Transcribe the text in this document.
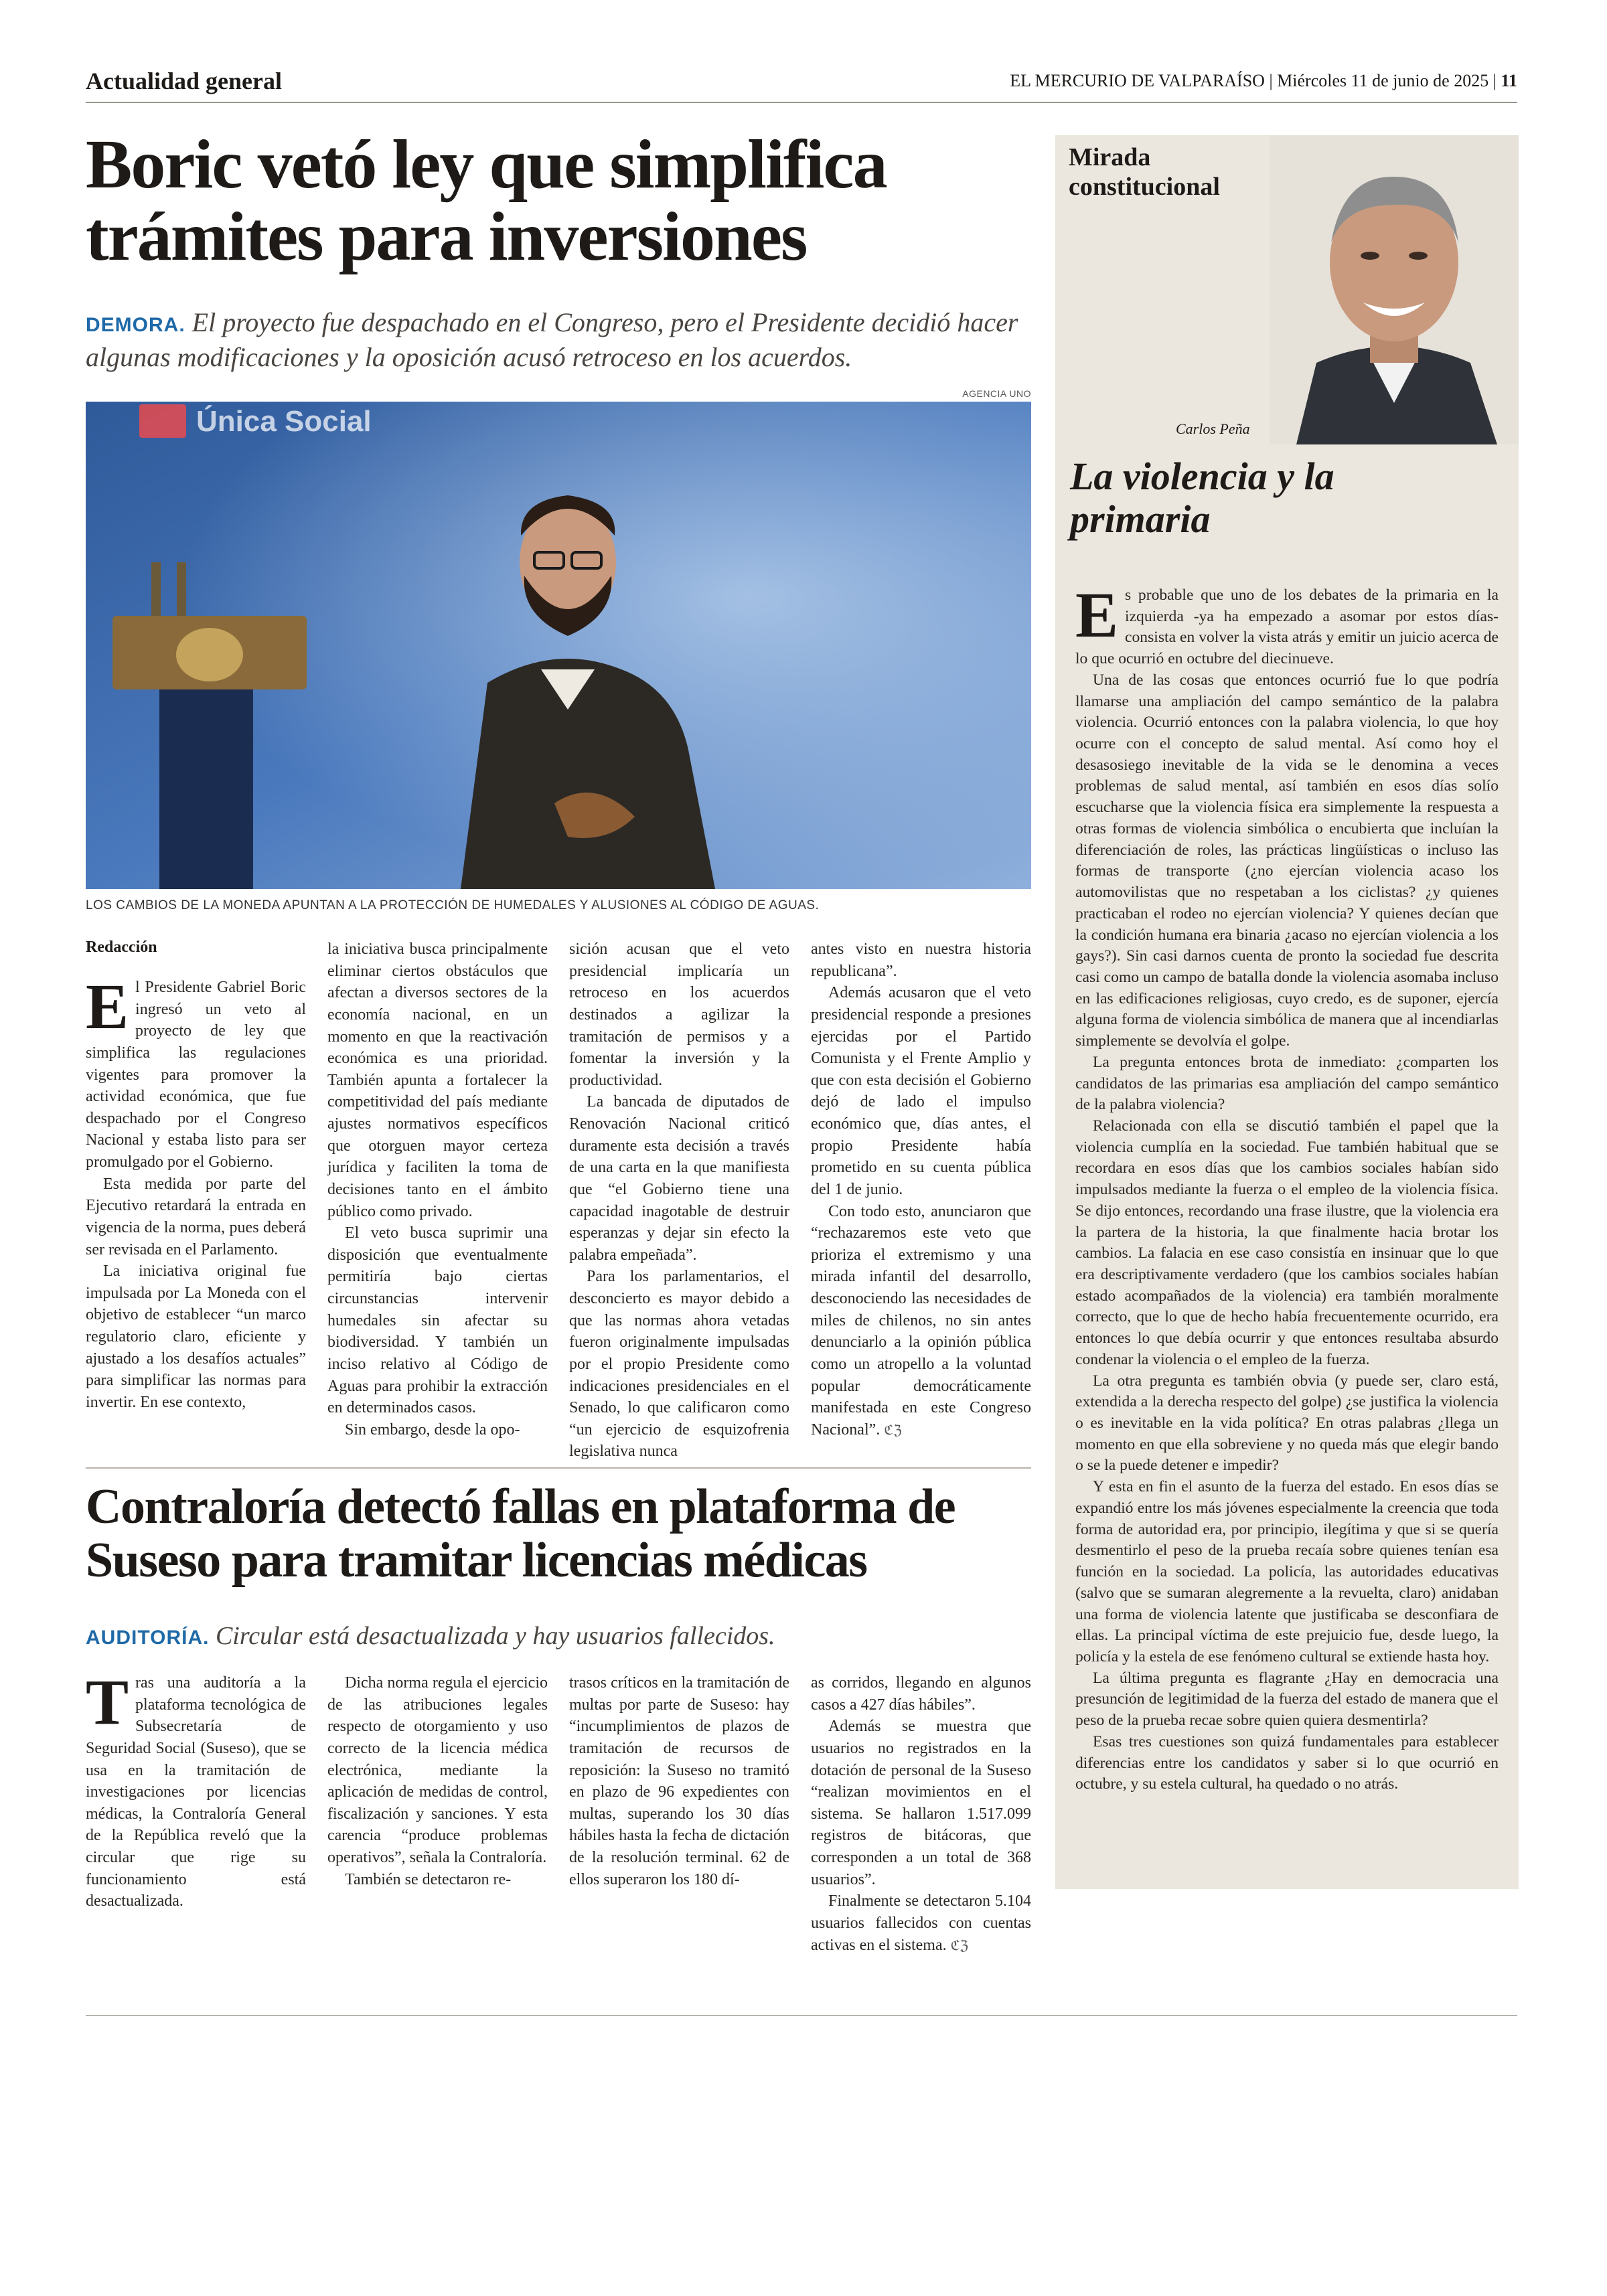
Actualidad general	EL MERCURIO DE VALPARAÍSO | Miércoles 11 de junio de 2025 | 11
Boric vetó ley que simplifica trámites para inversiones

DEMORA. El proyecto fue despachado en el Congreso, pero el Presidente decidió hacer algunas modificaciones y la oposición acusó retroceso en los acuerdos.

AGENCIA UNO
Única Social
LOS CAMBIOS DE LA MONEDA APUNTAN A LA PROTECCIÓN DE HUMEDALES Y ALUSIONES AL CÓDIGO DE AGUAS.
Redacción

El Presidente Gabriel Boric ingresó un veto al proyecto de ley que simplifica las regulaciones vigentes para promover la actividad económica, que fue despachado por el Congreso Nacional y estaba listo para ser promulgado por el Gobierno.

Esta medida por parte del Ejecutivo retardará la entrada en vigencia de la norma, pues deberá ser revisada en el Parlamento.

La iniciativa original fue impulsada por La Moneda con el objetivo de establecer “un marco regulatorio claro, eficiente y ajustado a los desafíos actuales” para simplificar las normas para invertir. En ese contexto,

la iniciativa busca principalmente eliminar ciertos obstáculos que afectan a diversos sectores de la economía nacional, en un momento en que la reactivación económica es una prioridad. También apunta a fortalecer la competitividad del país mediante ajustes normativos específicos que otorguen mayor certeza jurídica y faciliten la toma de decisiones tanto en el ámbito público como privado.

El veto busca suprimir una disposición que eventualmente permitiría bajo ciertas circunstancias intervenir humedales sin afectar su biodiversidad. Y también un inciso relativo al Código de Aguas para prohibir la extracción en determinados casos.

Sin embargo, desde la opo-

sición acusan que el veto presidencial implicaría un retroceso en los acuerdos destinados a agilizar la tramitación de permisos y a fomentar la inversión y la productividad.

La bancada de diputados de Renovación Nacional criticó duramente esta decisión a través de una carta en la que manifiesta que “el Gobierno tiene una capacidad inagotable de destruir esperanzas y dejar sin efecto la palabra empeñada”.

Para los parlamentarios, el desconcierto es mayor debido a que las normas ahora vetadas fueron originalmente impulsadas por el propio Presidente como indicaciones presidenciales en el Senado, lo que calificaron como “un ejercicio de esquizofrenia legislativa nunca

antes visto en nuestra historia republicana”.

Además acusaron que el veto presidencial responde a presiones ejercidas por el Partido Comunista y el Frente Amplio y que con esta decisión el Gobierno dejó de lado el impulso económico que, días antes, el propio Presidente había prometido en su cuenta pública del 1 de junio.

Con todo esto, anunciaron que “rechazaremos este veto que prioriza el extremismo y una mirada infantil del desarrollo, desconociendo las necesidades de miles de chilenos, no sin antes denunciarlo a la opinión pública como un atropello a la voluntad popular democráticamente manifestada en este Congreso Nacional”. ℭℨ

Contraloría detectó fallas en plataforma de Suseso para tramitar licencias médicas

AUDITORÍA. Circular está desactualizada y hay usuarios fallecidos.

Tras una auditoría a la plataforma tecnológica de Subsecretaría de Seguridad Social (Suseso), que se usa en la tramitación de investigaciones por licencias médicas, la Contraloría General de la República reveló que la circular que rige su funcionamiento está desactualizada.

Dicha norma regula el ejercicio de las atribuciones legales respecto de otorgamiento y uso correcto de la licencia médica electrónica, mediante la aplicación de medidas de control, fiscalización y sanciones. Y esta carencia “produce problemas operativos”, señala la Contraloría.

También se detectaron re-

trasos críticos en la tramitación de multas por parte de Suseso: hay “incumplimientos de plazos de tramitación de recursos de reposición: la Suseso no tramitó en plazo de 96 expedientes con multas, superando los 30 días hábiles hasta la fecha de dictación de la resolución terminal. 62 de ellos superaron los 180 dí-

as corridos, llegando en algunos casos a 427 días hábiles”.

Además se muestra que usuarios no registrados en la dotación de personal de la Suseso “realizan movimientos en el sistema. Se hallaron 1.517.099 registros de bitácoras, que corresponden a un total de 368 usuarios”.

Finalmente se detectaron 5.104 usuarios fallecidos con cuentas activas en el sistema. ℭℨ

Mirada constitucional
Carlos Peña
La violencia y la primaria

Es probable que uno de los debates de la primaria en la izquierda -ya ha empezado a asomar por estos días- consista en volver la vista atrás y emitir un juicio acerca de lo que ocurrió en octubre del diecinueve.

Una de las cosas que entonces ocurrió fue lo que podría llamarse una ampliación del campo semántico de la palabra violencia. Ocurrió entonces con la palabra violencia, lo que hoy ocurre con el concepto de salud mental. Así como hoy el desasosiego inevitable de la vida se le denomina a veces problemas de salud mental, así también en esos días solío escucharse que la violencia física era simplemente la respuesta a otras formas de violencia simbólica o encubierta que incluían la diferenciación de roles, las prácticas lingüísticas o incluso las formas de transporte (¿no ejercían violencia acaso los automovilistas que no respetaban a los ciclistas? ¿y quienes practicaban el rodeo no ejercían violencia? Y quienes decían que la condición humana era binaria ¿acaso no ejercían violencia a los gays?). Sin casi darnos cuenta de pronto la sociedad fue descrita casi como un campo de batalla donde la violencia asomaba incluso en las edificaciones religiosas, cuyo credo, es de suponer, ejercía alguna forma de violencia simbólica de manera que al incendiarlas simplemente se devolvía el golpe.

La pregunta entonces brota de inmediato: ¿comparten los candidatos de las primarias esa ampliación del campo semántico de la palabra violencia?

Relacionada con ella se discutió también el papel que la violencia cumplía en la sociedad. Fue también habitual que se recordara en esos días que los cambios sociales habían sido impulsados mediante la fuerza o el empleo de la violencia física. Se dijo entonces, recordando una frase ilustre, que la violencia era la partera de la historia, la que finalmente hacia brotar los cambios. La falacia en ese caso consistía en insinuar que lo que era descriptivamente verdadero (que los cambios sociales habían estado acompañados de la violencia) era también moralmente correcto, que lo que de hecho había frecuentemente ocurrido, era entonces lo que debía ocurrir y que entonces resultaba absurdo condenar la violencia o el empleo de la fuerza.

La otra pregunta es también obvia (y puede ser, claro está, extendida a la derecha respecto del golpe) ¿se justifica la violencia o es inevitable en la vida política? En otras palabras ¿llega un momento en que ella sobreviene y no queda más que elegir bando o se la puede detener e impedir?

Y esta en fin el asunto de la fuerza del estado. En esos días se expandió entre los más jóvenes especialmente la creencia que toda forma de autoridad era, por principio, ilegítima y que si se quería desmentirlo el peso de la prueba recaía sobre quienes tenían esa función en la sociedad. La policía, las autoridades educativas (salvo que se sumaran alegremente a la revuelta, claro) anidaban una forma de violencia latente que justificaba se desconfiara de ellas. La principal víctima de este prejuicio fue, desde luego, la policía y la estela de ese fenómeno cultural se extiende hasta hoy.

La última pregunta es flagrante ¿Hay en democracia una presunción de legitimidad de la fuerza del estado de manera que el peso de la prueba recae sobre quien quiera desmentirla?

Esas tres cuestiones son quizá fundamentales para establecer diferencias entre los candidatos y saber si lo que ocurrió en octubre, y su estela cultural, ha quedado o no atrás.
